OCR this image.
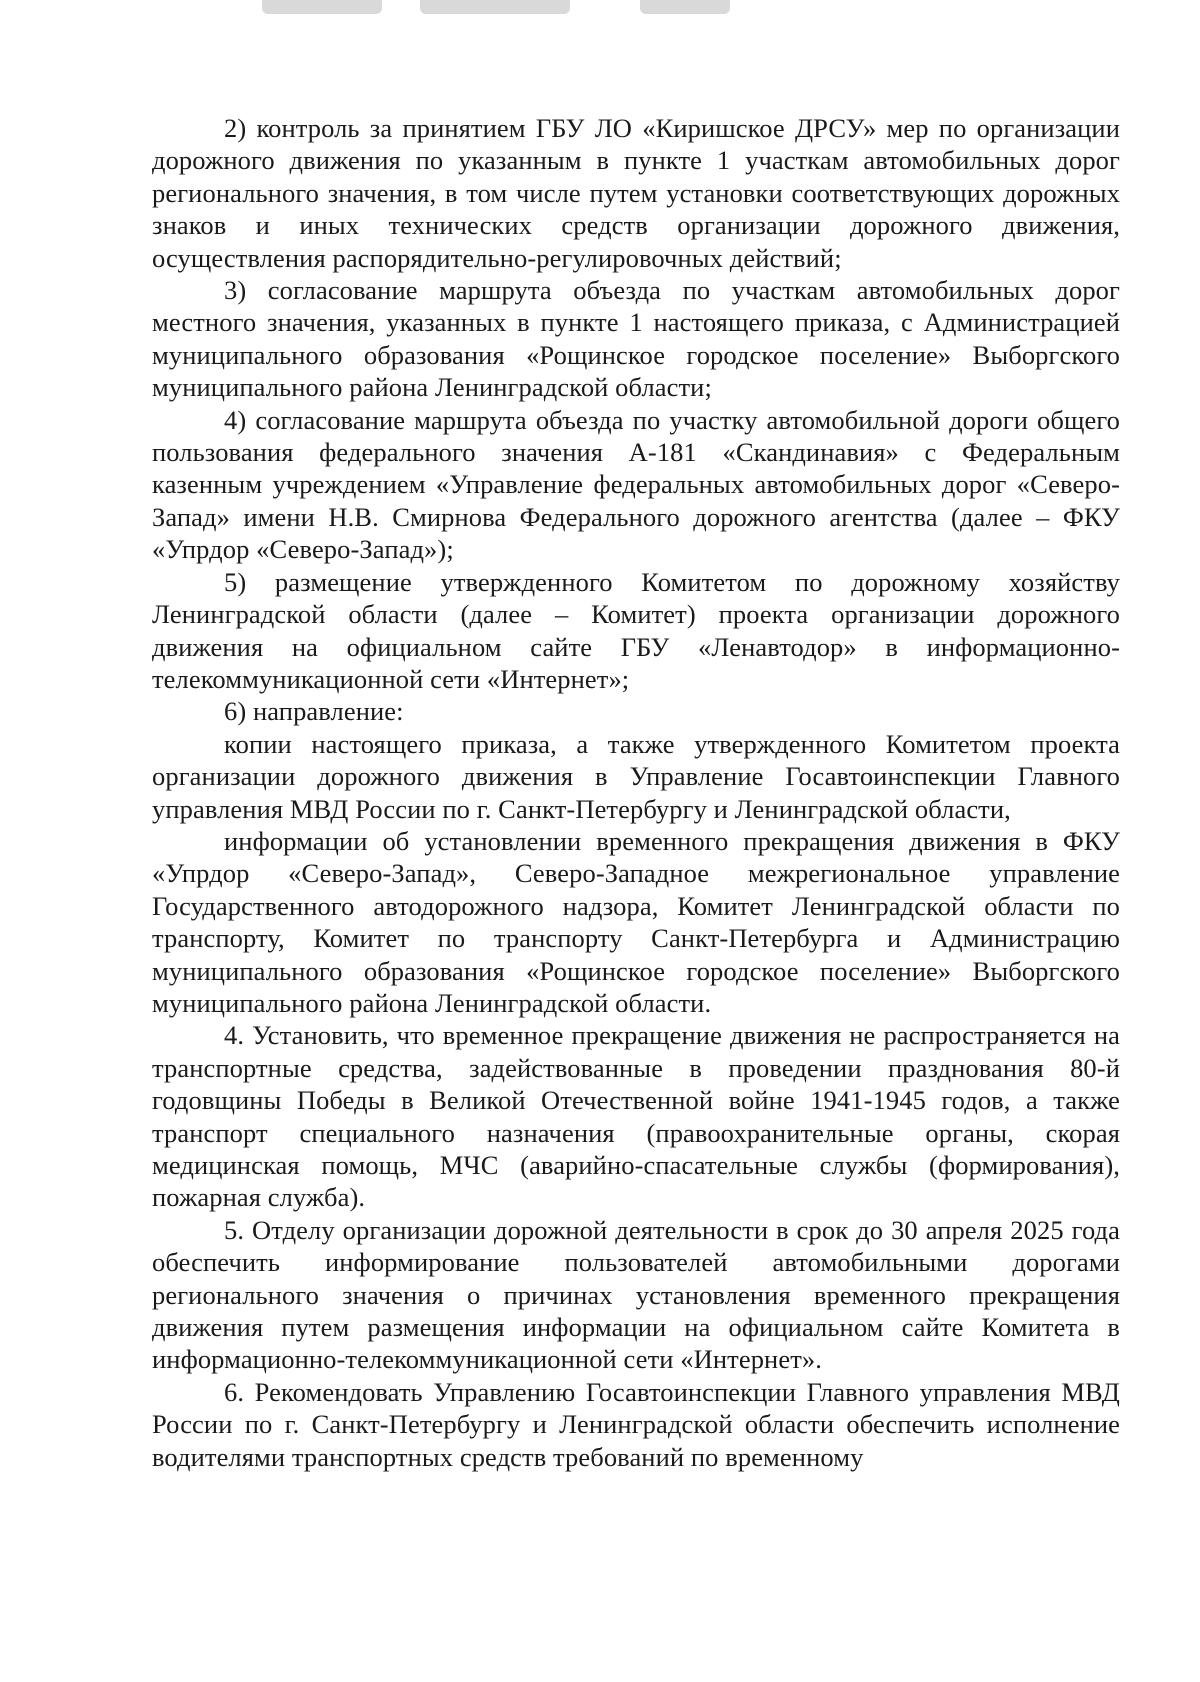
2) контроль за принятием ГБУ ЛО «Киришское ДРСУ» мер по организации дорожного движения по указанным в пункте 1 участкам автомобильных дорог регионального значения, в том числе путем установки соответствующих дорожных знаков и иных технических средств организации дорожного движения, осуществления распорядительно-регулировочных действий;

3) согласование маршрута объезда по участкам автомобильных дорог местного значения, указанных в пункте 1 настоящего приказа, с Администрацией муниципального образования «Рощинское городское поселение» Выборгского муниципального района Ленинградской области;

4) согласование маршрута объезда по участку автомобильной дороги общего пользования федерального значения А-181 «Скандинавия» с Федеральным казенным учреждением «Управление федеральных автомобильных дорог «Северо-Запад» имени Н.В. Смирнова Федерального дорожного агентства (далее – ФКУ «Упрдор «Северо-Запад»);

5) размещение утвержденного Комитетом по дорожному хозяйству Ленинградской области (далее – Комитет) проекта организации дорожного движения на официальном сайте ГБУ «Ленавтодор» в информационно-телекоммуникационной сети «Интернет»;

6) направление:

копии настоящего приказа, а также утвержденного Комитетом проекта организации дорожного движения в Управление Госавтоинспекции Главного управления МВД России по г. Санкт-Петербургу и Ленинградской области,

информации об установлении временного прекращения движения в ФКУ «Упрдор «Северо-Запад», Северо-Западное межрегиональное управление Государственного автодорожного надзора, Комитет Ленинградской области по транспорту, Комитет по транспорту Санкт-Петербурга и Администрацию муниципального образования «Рощинское городское поселение» Выборгского муниципального района Ленинградской области.

4. Установить, что временное прекращение движения не распространяется на транспортные средства, задействованные в проведении празднования 80-й годовщины Победы в Великой Отечественной войне 1941-1945 годов, а также транспорт специального назначения (правоохранительные органы, скорая медицинская помощь, МЧС (аварийно-спасательные службы (формирования), пожарная служба).

5. Отделу организации дорожной деятельности в срок до 30 апреля 2025 года обеспечить информирование пользователей автомобильными дорогами регионального значения о причинах установления временного прекращения движения путем размещения информации на официальном сайте Комитета в информационно-телекоммуникационной сети «Интернет».

6. Рекомендовать Управлению Госавтоинспекции Главного управления МВД России по г. Санкт-Петербургу и Ленинградской области обеспечить исполнение водителями транспортных средств требований по временному
